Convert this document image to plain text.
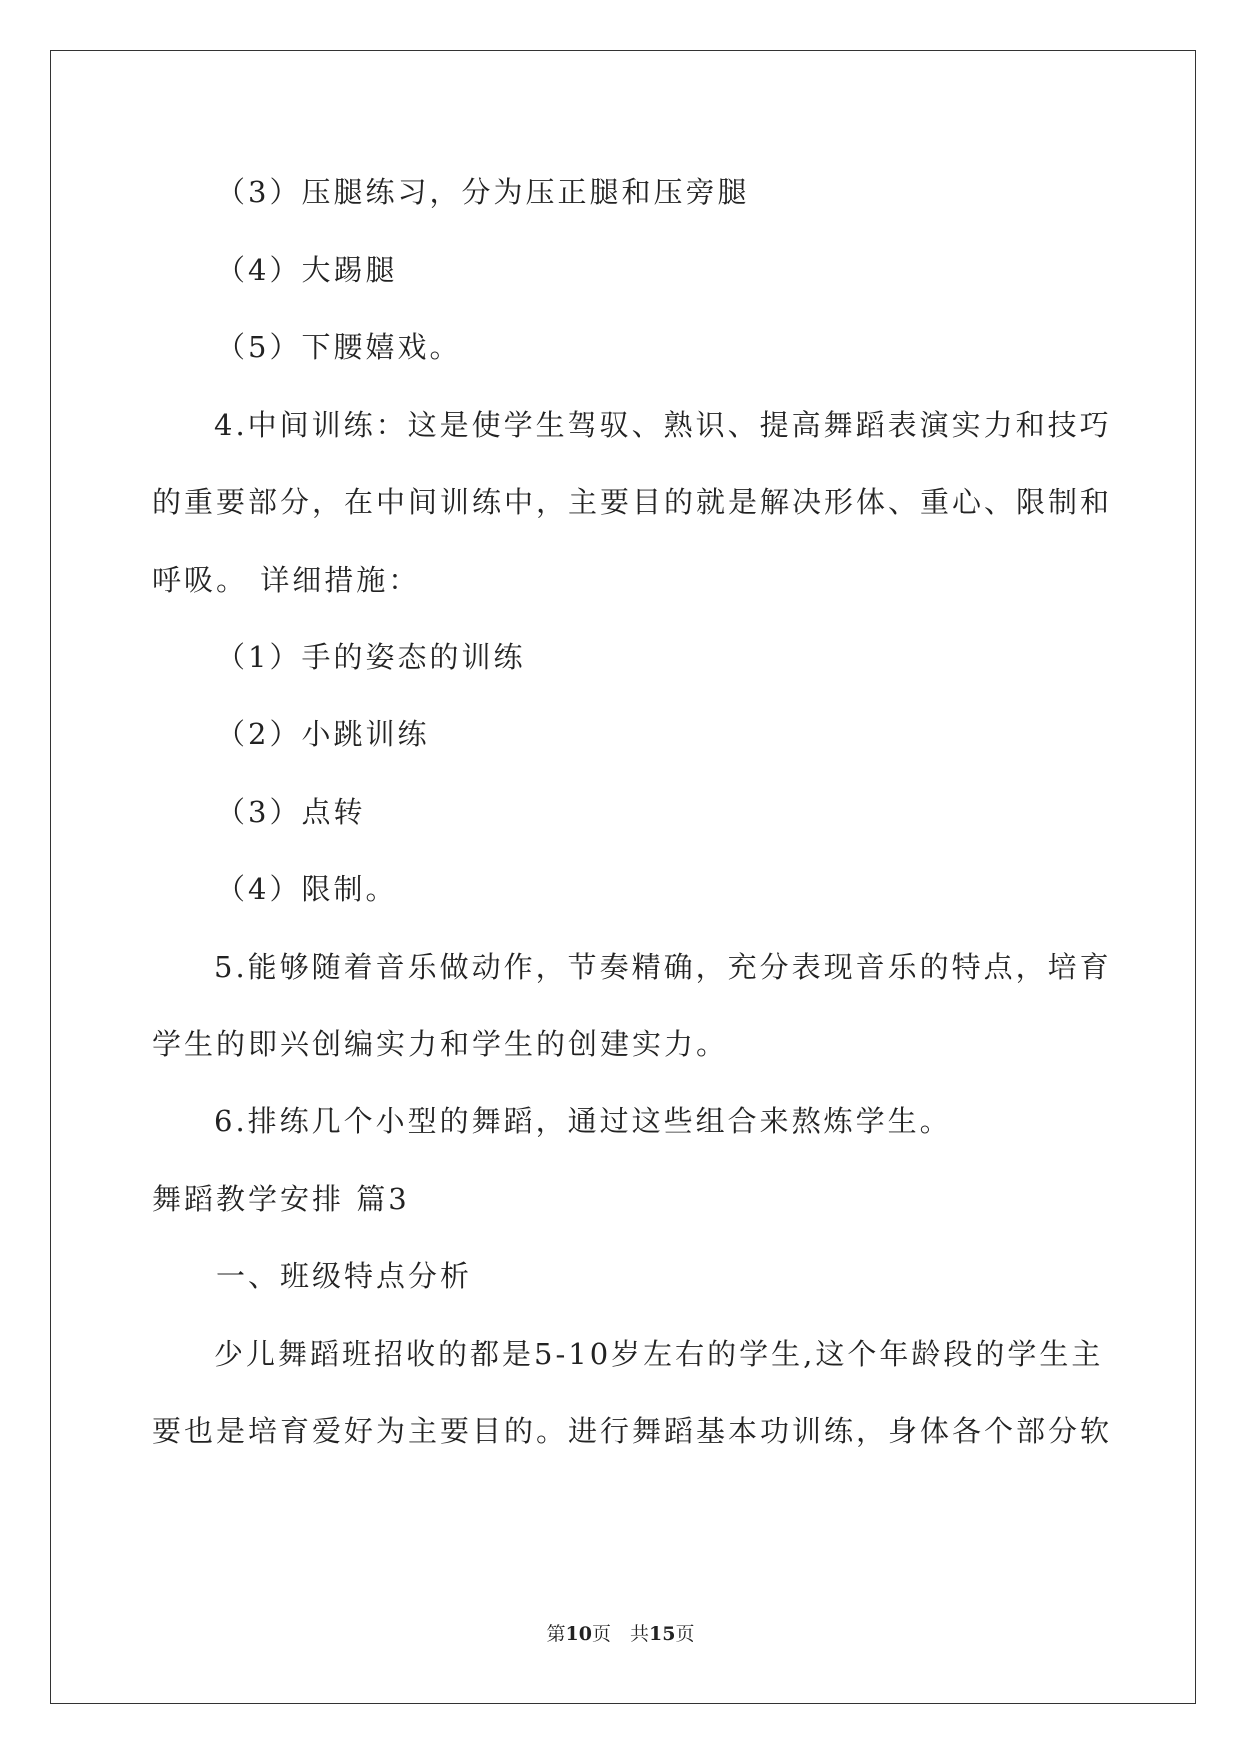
（3）压腿练习，分为压正腿和压旁腿
（4）大踢腿
（5）下腰嬉戏。
4.中间训练：这是使学生驾驭、熟识、提高舞蹈表演实力和技巧
的重要部分，在中间训练中，主要目的就是解决形体、重心、限制和
呼吸。 详细措施：
（1）手的姿态的训练
（2）小跳训练
（3）点转
（4）限制。
5.能够随着音乐做动作，节奏精确，充分表现音乐的特点，培育
学生的即兴创编实力和学生的创建实力。
6.排练几个小型的舞蹈，通过这些组合来熬炼学生。
舞蹈教学安排 篇3
一、班级特点分析
少儿舞蹈班招收的都是5-10岁左右的学生,这个年龄段的学生主
要也是培育爱好为主要目的。进行舞蹈基本功训练，身体各个部分软
第10页　共15页
